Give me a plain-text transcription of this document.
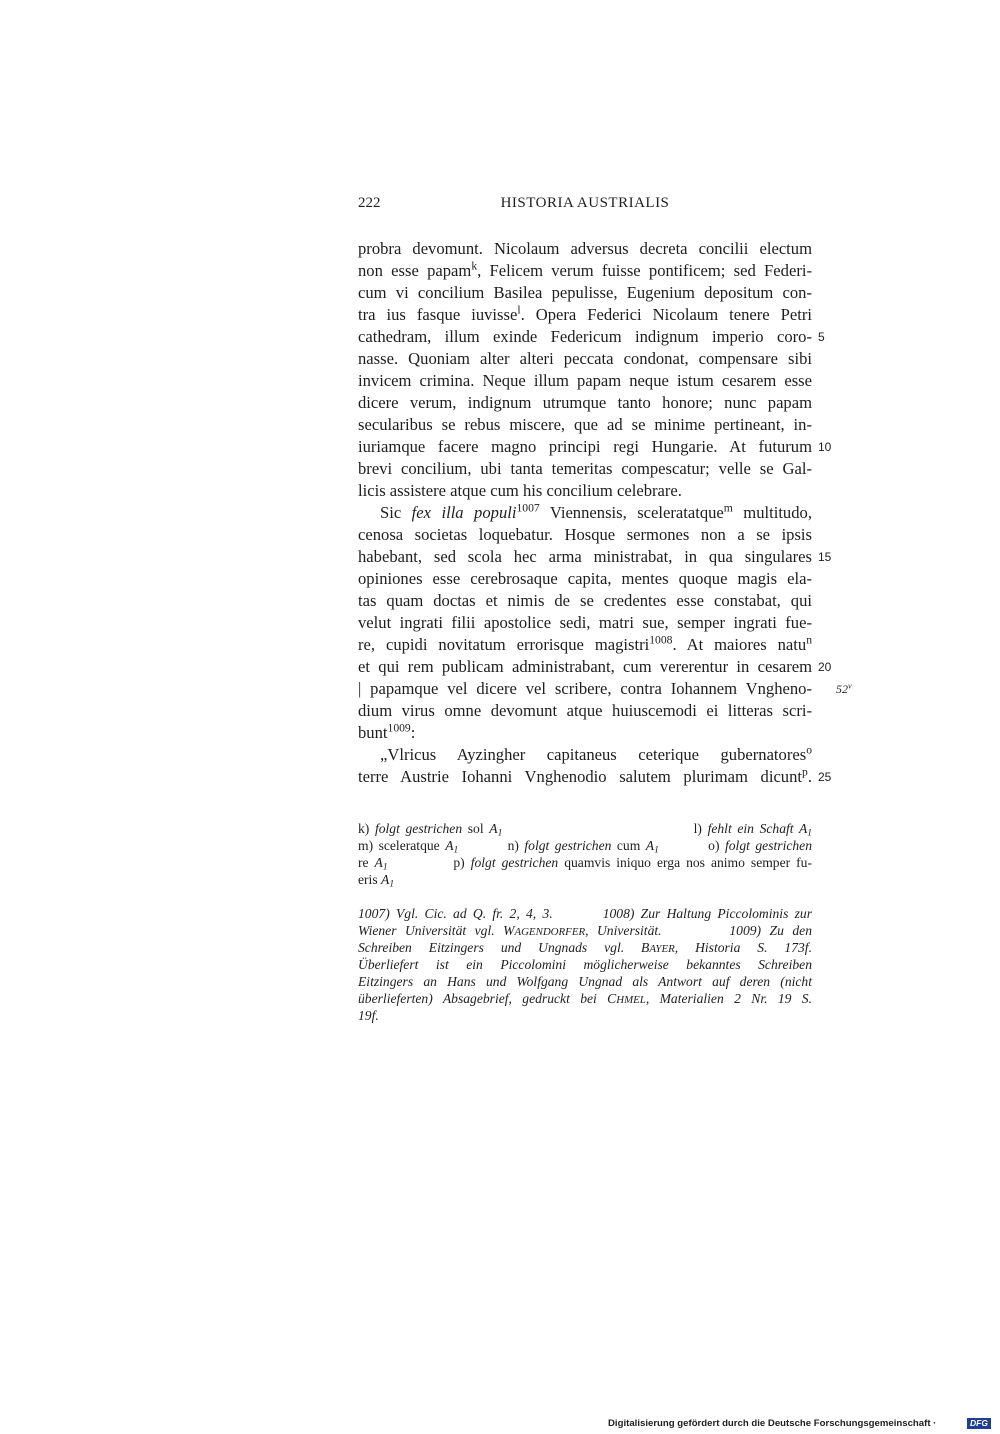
222	HISTORIA AUSTRIALIS
probra devomunt. Nicolaum adversus decreta concilii electum
non esse papam$^k$, Felicem verum fuisse pontificem; sed Federi-
cum vi concilium Basilea pepulisse, Eugenium depositum con-
tra ius fasque iuvisse$^l$. Opera Federici Nicolaum tenere Petri
cathedram, illum exinde Federicum indignum imperio coro-
nasse. Quoniam alter alteri peccata condonat, compensare sibi
invicem crimina. Neque illum papam neque istum cesarem esse
dicere verum, indignum utrumque tanto honore; nunc papam
secularibus se rebus miscere, que ad se minime pertineant, in-
iuriamque facere magno principi regi Hungarie. At futurum
brevi concilium, ubi tanta temeritas compescatur; velle se Gal-
licis assistere atque cum his concilium celebrare.
Sic fex illa populi$^{1007}$ Viennensis, sceleratatque$^m$ multitudo,
cenosa societas loquebatur. Hosque sermones non a se ipsis
habebant, sed scola hec arma ministrabat, in qua singulares
opiniones esse cerebrosaque capita, mentes quoque magis ela-
tas quam doctas et nimis de se credentes esse constabat, qui
velut ingrati filii apostolice sedi, matri sue, semper ingrati fue-
re, cupidi novitatum errorisque magistri$^{1008}$. At maiores natu$^n$
et qui rem publicam administrabant, cum vererentur in cesarem
| papamque vel dicere vel scribere, contra Iohannem Vngheno-
dium virus omne devomunt atque huiuscemodi ei litteras scri-
bunt$^{1009}$:
„Vlricus Ayzingher capitaneus ceterique gubernatores$^o$
terre Austrie Iohanni Vnghenodio salutem plurimam dicunt$^p$.
5
10
15
20
25
52$^v$
k) folgt gestrichen sol $A_1$                                  l) fehlt ein Schaft $A_1$
m) sceleratque $A_1$         n) folgt gestrichen cum $A_1$         o) folgt gestrichen
re $A_1$           p) folgt gestrichen quamvis iniquo erga nos animo semper fu-
eris $A_1$
1007) Vgl. Cic. ad Q. fr. 2, 4, 3.        1008) Zur Haltung Piccolominis zur
Wiener Universität vgl. WAGENDORFER, Universität.        1009) Zu den
Schreiben Eitzingers und Ungnads vgl. BAYER, Historia S. 173f.
Überliefert ist ein Piccolomini möglicherweise bekanntes Schreiben
Eitzingers an Hans und Wolfgang Ungnad als Antwort auf deren (nicht
überlieferten) Absagebrief, gedruckt bei CHMEL, Materialien 2 Nr. 19 S.
19f.
Digitalisierung gefördert durch die Deutsche Forschungsgemeinschaft ·	DFG
